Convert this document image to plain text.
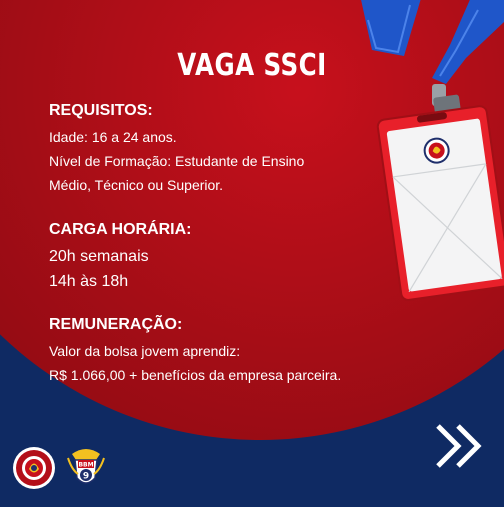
VAGA SSCI
REQUISITOS:
Idade: 16 a 24 anos.
Nível de Formação: Estudante de Ensino
Médio, Técnico ou Superior.
CARGA HORÁRIA:
20h semanais
14h às 18h
REMUNERAÇÃO:
Valor da bolsa jovem aprendiz:
R$ 1.066,00 + benefícios da empresa parceira.
BBM
9
